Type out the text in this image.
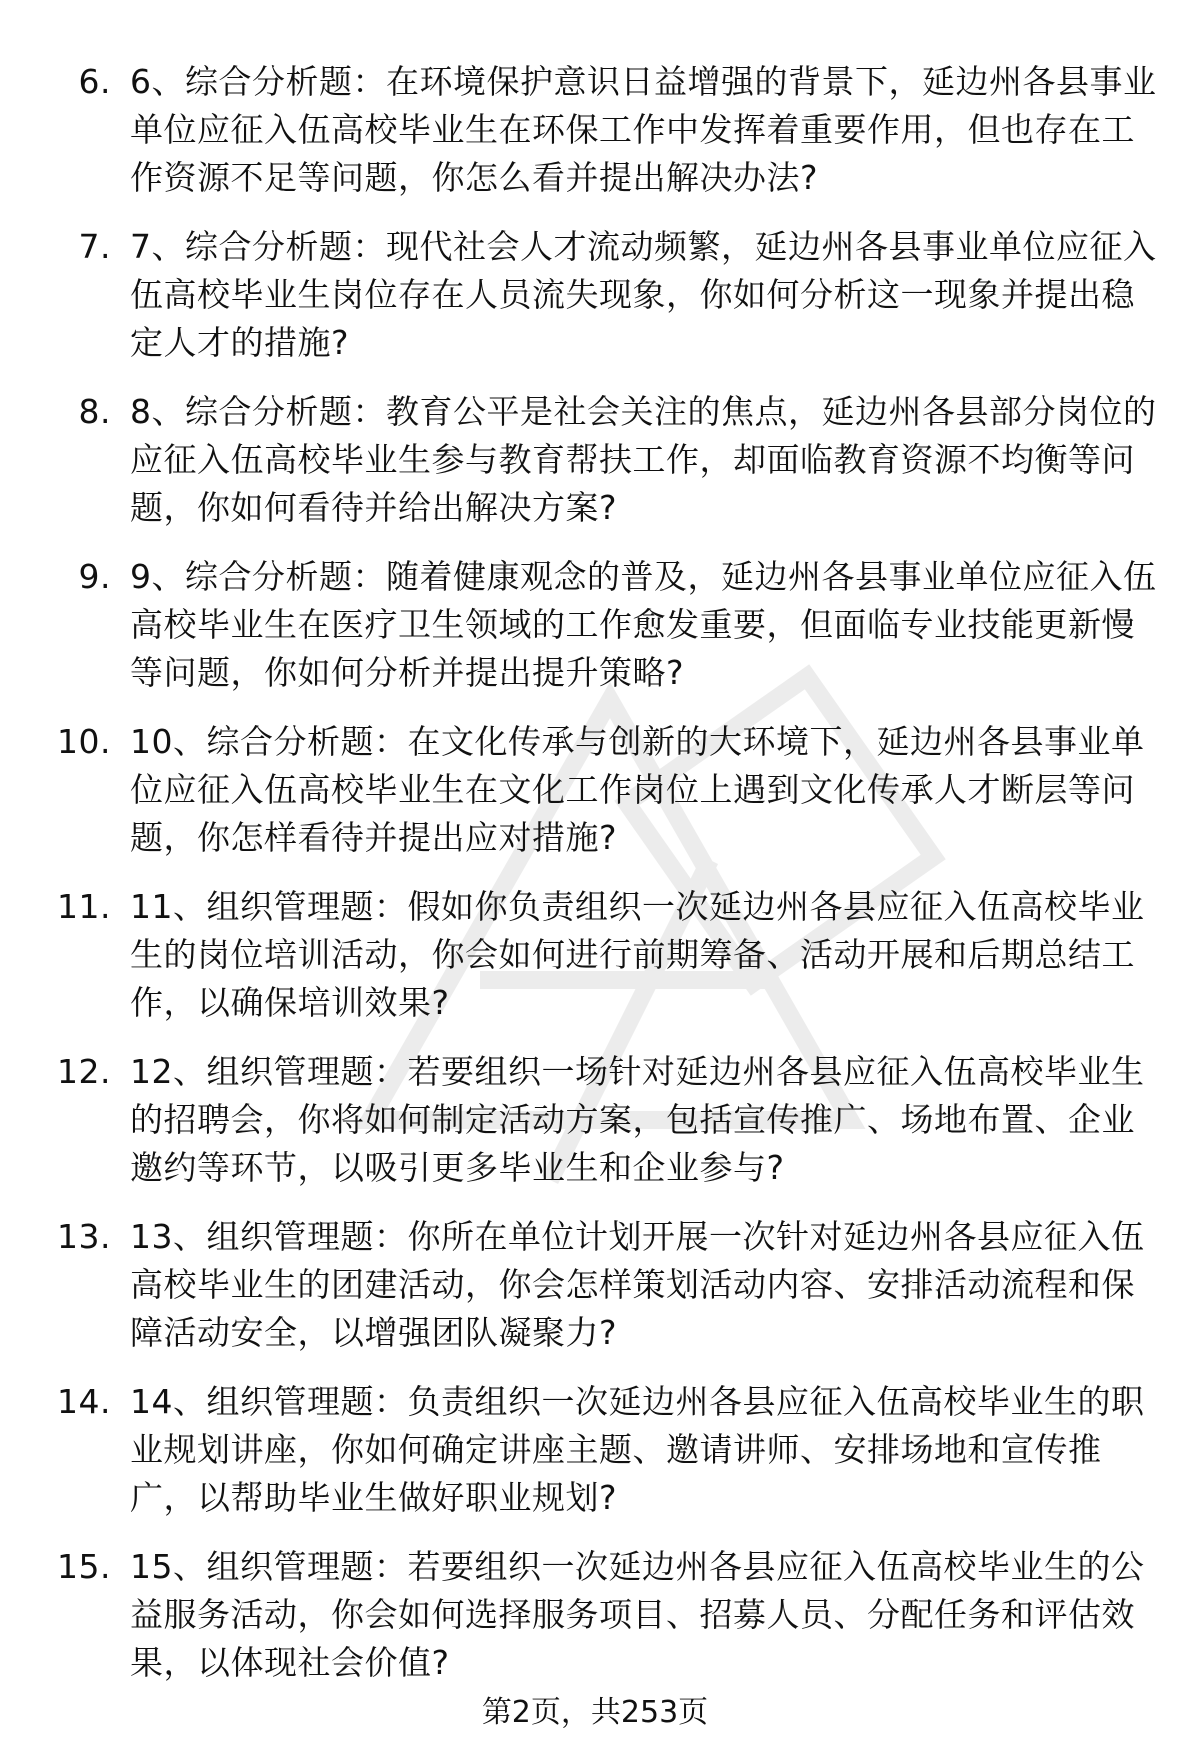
6. 6、综合分析题：在环境保护意识日益增强的背景下，延边州各县事业单位应征入伍高校毕业生在环保工作中发挥着重要作用，但也存在工作资源不足等问题，你怎么看并提出解决办法?
7. 7、综合分析题：现代社会人才流动频繁，延边州各县事业单位应征入伍高校毕业生岗位存在人员流失现象，你如何分析这一现象并提出稳定人才的措施?
8. 8、综合分析题：教育公平是社会关注的焦点，延边州各县部分岗位的应征入伍高校毕业生参与教育帮扶工作，却面临教育资源不均衡等问题，你如何看待并给出解决方案?
9. 9、综合分析题：随着健康观念的普及，延边州各县事业单位应征入伍高校毕业生在医疗卫生领域的工作愈发重要，但面临专业技能更新慢等问题，你如何分析并提出提升策略?
10. 10、综合分析题：在文化传承与创新的大环境下，延边州各县事业单位应征入伍高校毕业生在文化工作岗位上遇到文化传承人才断层等问题，你怎样看待并提出应对措施?
11. 11、组织管理题：假如你负责组织一次延边州各县应征入伍高校毕业生的岗位培训活动，你会如何进行前期筹备、活动开展和后期总结工作，以确保培训效果?
12. 12、组织管理题：若要组织一场针对延边州各县应征入伍高校毕业生的招聘会，你将如何制定活动方案，包括宣传推广、场地布置、企业邀约等环节，以吸引更多毕业生和企业参与?
13. 13、组织管理题：你所在单位计划开展一次针对延边州各县应征入伍高校毕业生的团建活动，你会怎样策划活动内容、安排活动流程和保障活动安全，以增强团队凝聚力?
14. 14、组织管理题：负责组织一次延边州各县应征入伍高校毕业生的职业规划讲座，你如何确定讲座主题、邀请讲师、安排场地和宣传推广，以帮助毕业生做好职业规划?
15. 15、组织管理题：若要组织一次延边州各县应征入伍高校毕业生的公益服务活动，你会如何选择服务项目、招募人员、分配任务和评估效果，以体现社会价值?
第2页，共253页
